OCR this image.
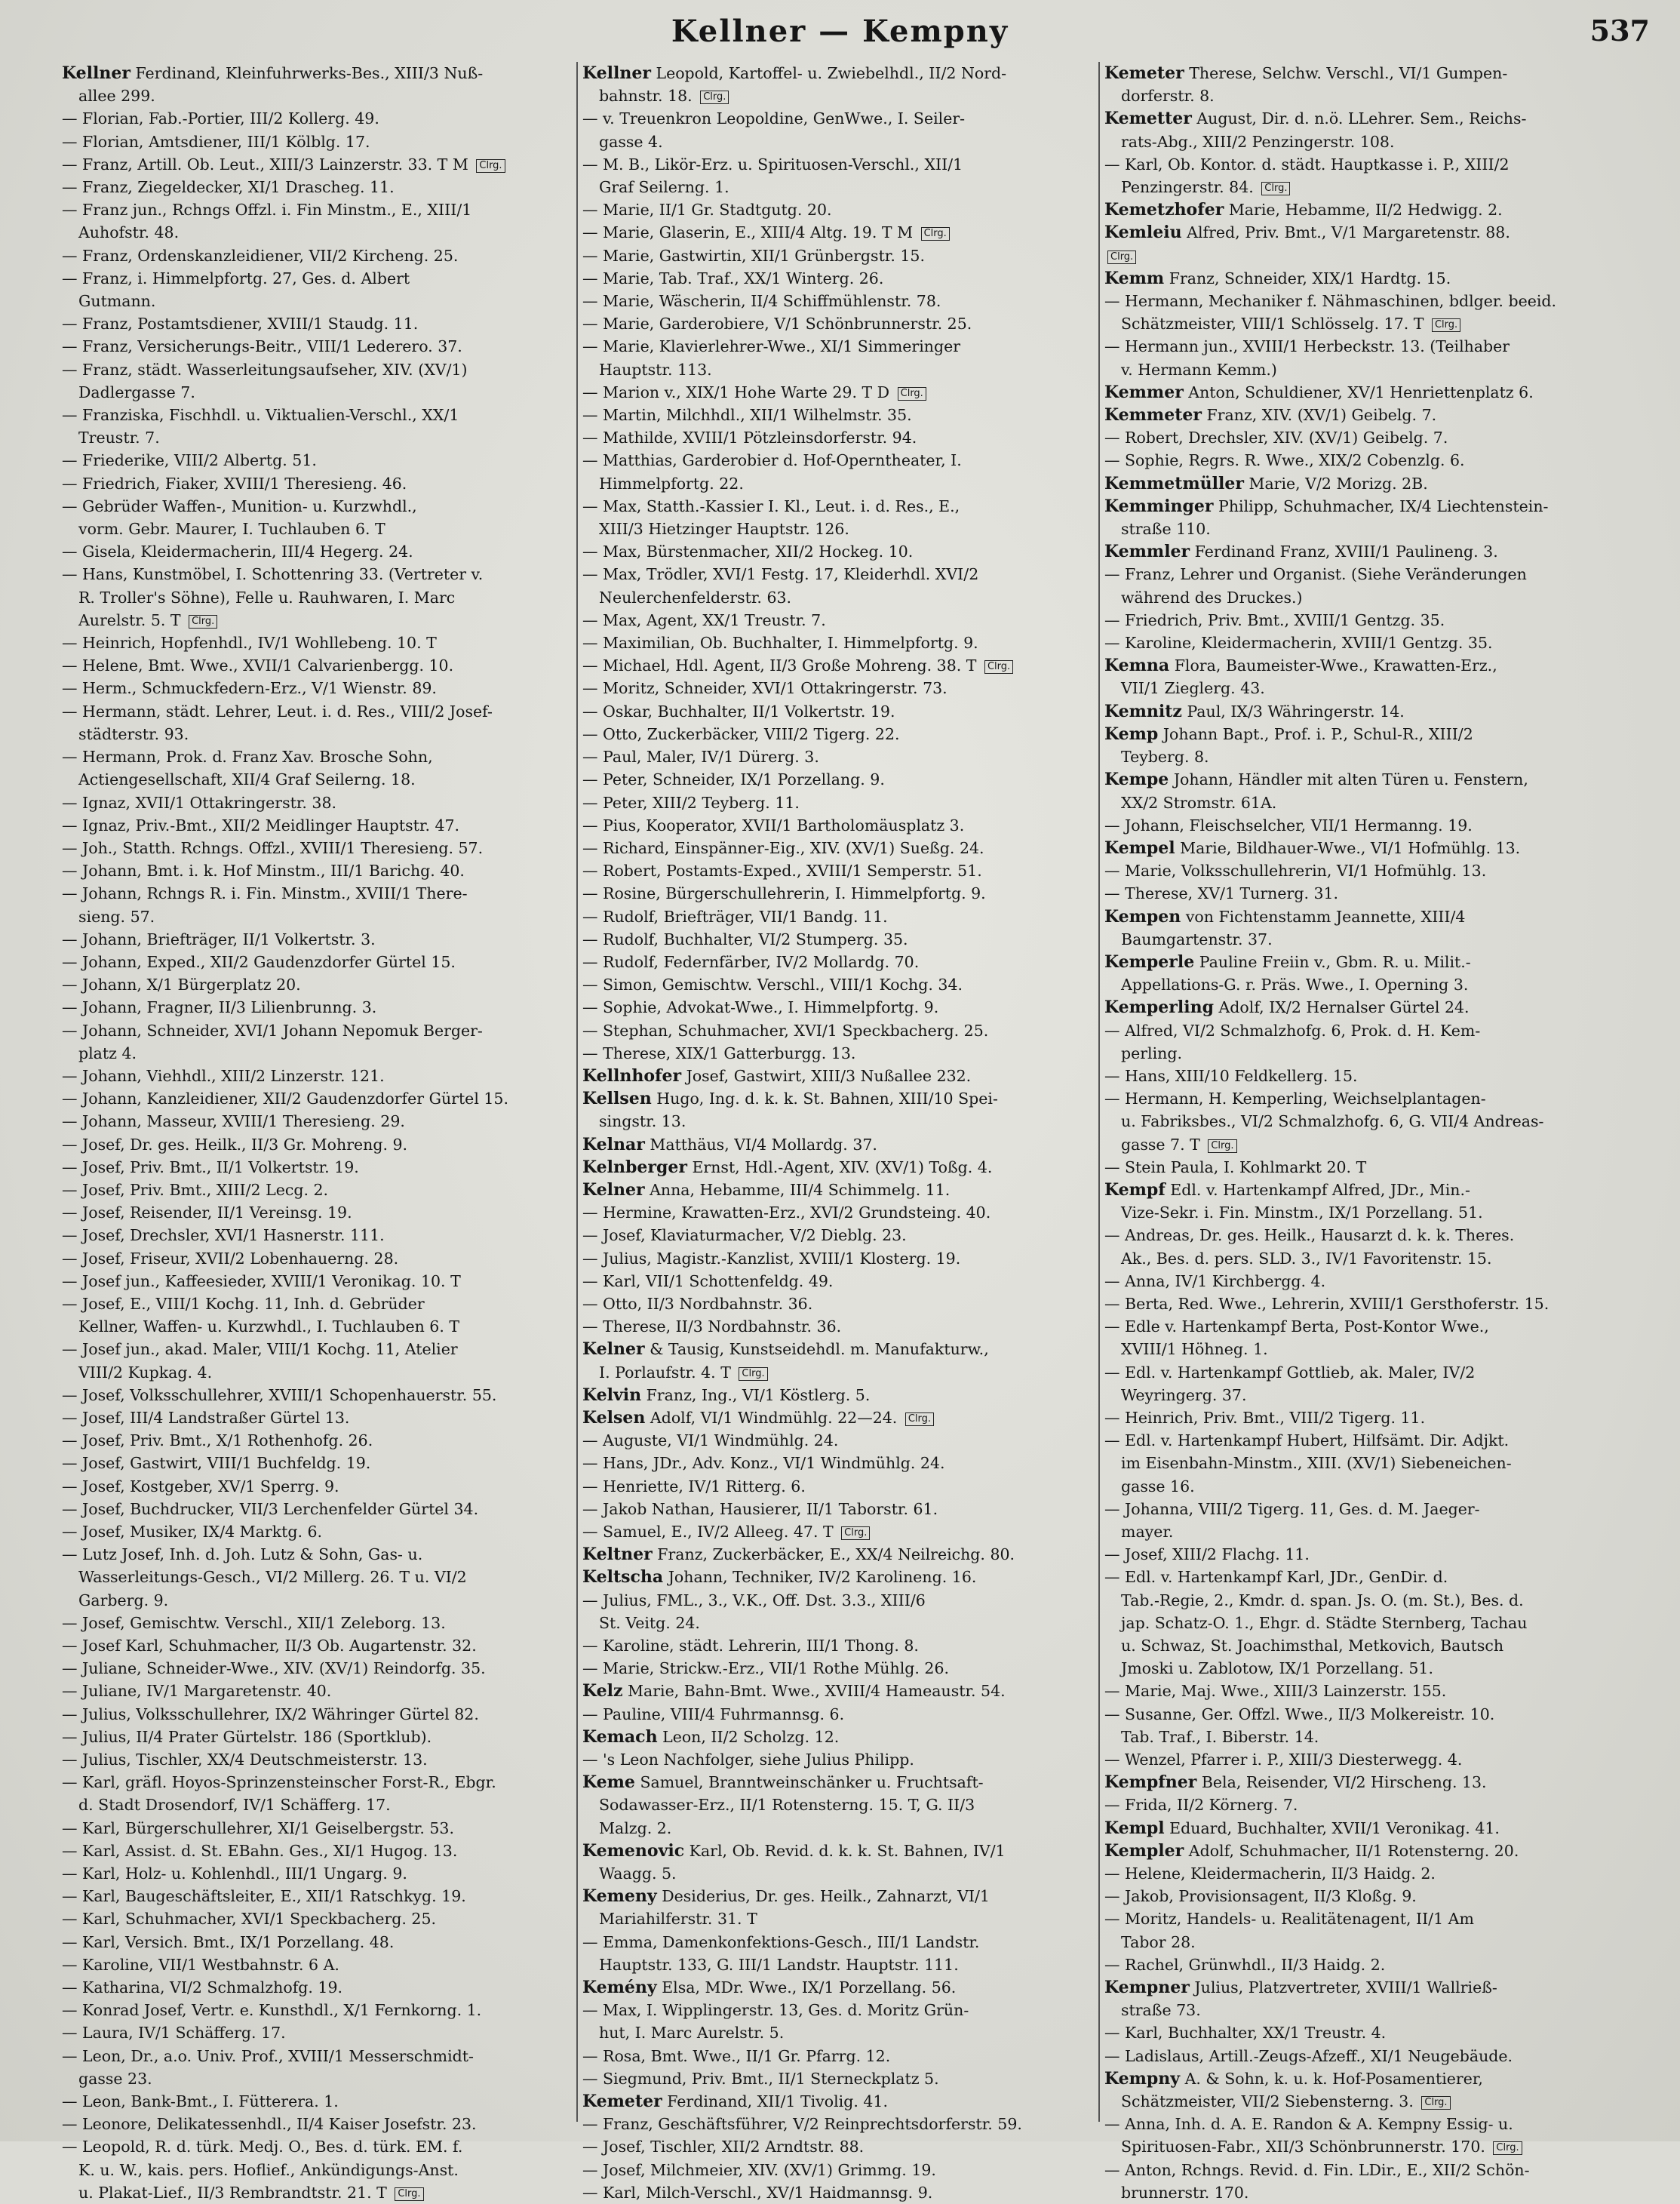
Kellner — Kempny	537
Kellner Ferdinand, Kleinfuhrwerks-Bes., XIII/3 Nuß-
allee 299.
— Florian, Fab.-Portier, III/2 Kollerg. 49.
— Florian, Amtsdiener, III/1 Kölblg. 17.
— Franz, Artill. Ob. Leut., XIII/3 Lainzerstr. 33. T M Clrg.
— Franz, Ziegeldecker, XI/1 Drascheg. 11.
— Franz jun., Rchngs Offzl. i. Fin Minstm., E., XIII/1
Auhofstr. 48.
— Franz, Ordenskanzleidiener, VII/2 Kircheng. 25.
— Franz, i. Himmelpfortg. 27, Ges. d. Albert
Gutmann.
— Franz, Postamtsdiener, XVIII/1 Staudg. 11.
— Franz, Versicherungs-Beitr., VIII/1 Lederero. 37.
— Franz, städt. Wasserleitungsaufseher, XIV. (XV/1)
Dadlergasse 7.
— Franziska, Fischhdl. u. Viktualien-Verschl., XX/1
Treustr. 7.
— Friederike, VIII/2 Albertg. 51.
— Friedrich, Fiaker, XVIII/1 Theresieng. 46.
— Gebrüder Waffen-, Munition- u. Kurzwhdl.,
vorm. Gebr. Maurer, I. Tuchlauben 6. T
— Gisela, Kleidermacherin, III/4 Hegerg. 24.
— Hans, Kunstmöbel, I. Schottenring 33. (Vertreter v.
R. Troller's Söhne), Felle u. Rauhwaren, I. Marc
Aurelstr. 5. T Clrg.
— Heinrich, Hopfenhdl., IV/1 Wohllebeng. 10. T
— Helene, Bmt. Wwe., XVII/1 Calvarienbergg. 10.
— Herm., Schmuckfedern-Erz., V/1 Wienstr. 89.
— Hermann, städt. Lehrer, Leut. i. d. Res., VIII/2 Josef-
städterstr. 93.
— Hermann, Prok. d. Franz Xav. Brosche Sohn,
Actiengesellschaft, XII/4 Graf Seilerng. 18.
— Ignaz, XVII/1 Ottakringerstr. 38.
— Ignaz, Priv.-Bmt., XII/2 Meidlinger Hauptstr. 47.
— Joh., Statth. Rchngs. Offzl., XVIII/1 Theresieng. 57.
— Johann, Bmt. i. k. Hof Minstm., III/1 Barichg. 40.
— Johann, Rchngs R. i. Fin. Minstm., XVIII/1 There-
sieng. 57.
— Johann, Briefträger, II/1 Volkertstr. 3.
— Johann, Exped., XII/2 Gaudenzdorfer Gürtel 15.
— Johann, X/1 Bürgerplatz 20.
— Johann, Fragner, II/3 Lilienbrunng. 3.
— Johann, Schneider, XVI/1 Johann Nepomuk Berger-
platz 4.
— Johann, Viehhdl., XIII/2 Linzerstr. 121.
— Johann, Kanzleidiener, XII/2 Gaudenzdorfer Gürtel 15.
— Johann, Masseur, XVIII/1 Theresieng. 29.
— Josef, Dr. ges. Heilk., II/3 Gr. Mohreng. 9.
— Josef, Priv. Bmt., II/1 Volkertstr. 19.
— Josef, Priv. Bmt., XIII/2 Lecg. 2.
— Josef, Reisender, II/1 Vereinsg. 19.
— Josef, Drechsler, XVI/1 Hasnerstr. 111.
— Josef, Friseur, XVII/2 Lobenhauerng. 28.
— Josef jun., Kaffeesieder, XVIII/1 Veronikag. 10. T
— Josef, E., VIII/1 Kochg. 11, Inh. d. Gebrüder
Kellner, Waffen- u. Kurzwhdl., I. Tuchlauben 6. T
— Josef jun., akad. Maler, VIII/1 Kochg. 11, Atelier
VIII/2 Kupkag. 4.
— Josef, Volksschullehrer, XVIII/1 Schopenhauerstr. 55.
— Josef, III/4 Landstraßer Gürtel 13.
— Josef, Priv. Bmt., X/1 Rothenhofg. 26.
— Josef, Gastwirt, VIII/1 Buchfeldg. 19.
— Josef, Kostgeber, XV/1 Sperrg. 9.
— Josef, Buchdrucker, VII/3 Lerchenfelder Gürtel 34.
— Josef, Musiker, IX/4 Marktg. 6.
— Lutz Josef, Inh. d. Joh. Lutz & Sohn, Gas- u.
Wasserleitungs-Gesch., VI/2 Millerg. 26. T u. VI/2
Garberg. 9.
— Josef, Gemischtw. Verschl., XII/1 Zeleborg. 13.
— Josef Karl, Schuhmacher, II/3 Ob. Augartenstr. 32.
— Juliane, Schneider-Wwe., XIV. (XV/1) Reindorfg. 35.
— Juliane, IV/1 Margaretenstr. 40.
— Julius, Volksschullehrer, IX/2 Währinger Gürtel 82.
— Julius, II/4 Prater Gürtelstr. 186 (Sportklub).
— Julius, Tischler, XX/4 Deutschmeisterstr. 13.
— Karl, gräfl. Hoyos-Sprinzensteinscher Forst-R., Ebgr.
d. Stadt Drosendorf, IV/1 Schäfferg. 17.
— Karl, Bürgerschullehrer, XI/1 Geiselbergstr. 53.
— Karl, Assist. d. St. EBahn. Ges., XI/1 Hugog. 13.
— Karl, Holz- u. Kohlenhdl., III/1 Ungarg. 9.
— Karl, Baugeschäftsleiter, E., XII/1 Ratschkyg. 19.
— Karl, Schuhmacher, XVI/1 Speckbacherg. 25.
— Karl, Versich. Bmt., IX/1 Porzellang. 48.
— Karoline, VII/1 Westbahnstr. 6 A.
— Katharina, VI/2 Schmalzhofg. 19.
— Konrad Josef, Vertr. e. Kunsthdl., X/1 Fernkorng. 1.
— Laura, IV/1 Schäfferg. 17.
— Leon, Dr., a.o. Univ. Prof., XVIII/1 Messerschmidt-
gasse 23.
— Leon, Bank-Bmt., I. Fütterera. 1.
— Leonore, Delikatessenhdl., II/4 Kaiser Josefstr. 23.
— Leopold, R. d. türk. Medj. O., Bes. d. türk. EM. f.
K. u. W., kais. pers. Hoflief., Ankündigungs-Anst.
u. Plakat-Lief., II/3 Rembrandtstr. 21. T Clrg.
Kellner Leopold, Kartoffel- u. Zwiebelhdl., II/2 Nord-
bahnstr. 18. Clrg.
— v. Treuenkron Leopoldine, GenWwe., I. Seiler-
gasse 4.
— M. B., Likör-Erz. u. Spirituosen-Verschl., XII/1
Graf Seilerng. 1.
— Marie, II/1 Gr. Stadtgutg. 20.
— Marie, Glaserin, E., XIII/4 Altg. 19. T M Clrg.
— Marie, Gastwirtin, XII/1 Grünbergstr. 15.
— Marie, Tab. Traf., XX/1 Winterg. 26.
— Marie, Wäscherin, II/4 Schiffmühlenstr. 78.
— Marie, Garderobiere, V/1 Schönbrunnerstr. 25.
— Marie, Klavierlehrer-Wwe., XI/1 Simmeringer
Hauptstr. 113.
— Marion v., XIX/1 Hohe Warte 29. T D Clrg.
— Martin, Milchhdl., XII/1 Wilhelmstr. 35.
— Mathilde, XVIII/1 Pötzleinsdorferstr. 94.
— Matthias, Garderobier d. Hof-Operntheater, I.
Himmelpfortg. 22.
— Max, Statth.-Kassier I. Kl., Leut. i. d. Res., E.,
XIII/3 Hietzinger Hauptstr. 126.
— Max, Bürstenmacher, XII/2 Hockeg. 10.
— Max, Trödler, XVI/1 Festg. 17, Kleiderhdl. XVI/2
Neulerchenfelderstr. 63.
— Max, Agent, XX/1 Treustr. 7.
— Maximilian, Ob. Buchhalter, I. Himmelpfortg. 9.
— Michael, Hdl. Agent, II/3 Große Mohreng. 38. T Clrg.
— Moritz, Schneider, XVI/1 Ottakringerstr. 73.
— Oskar, Buchhalter, II/1 Volkertstr. 19.
— Otto, Zuckerbäcker, VIII/2 Tigerg. 22.
— Paul, Maler, IV/1 Dürerg. 3.
— Peter, Schneider, IX/1 Porzellang. 9.
— Peter, XIII/2 Teyberg. 11.
— Pius, Kooperator, XVII/1 Bartholomäusplatz 3.
— Richard, Einspänner-Eig., XIV. (XV/1) Sueßg. 24.
— Robert, Postamts-Exped., XVIII/1 Semperstr. 51.
— Rosine, Bürgerschullehrerin, I. Himmelpfortg. 9.
— Rudolf, Briefträger, VII/1 Bandg. 11.
— Rudolf, Buchhalter, VI/2 Stumperg. 35.
— Rudolf, Federnfärber, IV/2 Mollardg. 70.
— Simon, Gemischtw. Verschl., VIII/1 Kochg. 34.
— Sophie, Advokat-Wwe., I. Himmelpfortg. 9.
— Stephan, Schuhmacher, XVI/1 Speckbacherg. 25.
— Therese, XIX/1 Gatterburgg. 13.
Kellnhofer Josef, Gastwirt, XIII/3 Nußallee 232.
Kellsen Hugo, Ing. d. k. k. St. Bahnen, XIII/10 Spei-
singstr. 13.
Kelnar Matthäus, VI/4 Mollardg. 37.
Kelnberger Ernst, Hdl.-Agent, XIV. (XV/1) Toßg. 4.
Kelner Anna, Hebamme, III/4 Schimmelg. 11.
— Hermine, Krawatten-Erz., XVI/2 Grundsteing. 40.
— Josef, Klaviaturmacher, V/2 Dieblg. 23.
— Julius, Magistr.-Kanzlist, XVIII/1 Klosterg. 19.
— Karl, VII/1 Schottenfeldg. 49.
— Otto, II/3 Nordbahnstr. 36.
— Therese, II/3 Nordbahnstr. 36.
Kelner & Tausig, Kunstseidehdl. m. Manufakturw.,
I. Porlaufstr. 4. T Clrg.
Kelvin Franz, Ing., VI/1 Köstlerg. 5.
Kelsen Adolf, VI/1 Windmühlg. 22—24. Clrg.
— Auguste, VI/1 Windmühlg. 24.
— Hans, JDr., Adv. Konz., VI/1 Windmühlg. 24.
— Henriette, IV/1 Ritterg. 6.
— Jakob Nathan, Hausierer, II/1 Taborstr. 61.
— Samuel, E., IV/2 Alleeg. 47. T Clrg.
Keltner Franz, Zuckerbäcker, E., XX/4 Neilreichg. 80.
Keltscha Johann, Techniker, IV/2 Karolineng. 16.
— Julius, FML., 3., V.K., Off. Dst. 3.3., XIII/6
St. Veitg. 24.
— Karoline, städt. Lehrerin, III/1 Thong. 8.
— Marie, Strickw.-Erz., VII/1 Rothe Mühlg. 26.
Kelz Marie, Bahn-Bmt. Wwe., XVIII/4 Hameaustr. 54.
— Pauline, VIII/4 Fuhrmannsg. 6.
Kemach Leon, II/2 Scholzg. 12.
— 's Leon Nachfolger, siehe Julius Philipp.
Keme Samuel, Branntweinschänker u. Fruchtsaft-
Sodawasser-Erz., II/1 Rotensterng. 15. T, G. II/3
Malzg. 2.
Kemenovic Karl, Ob. Revid. d. k. k. St. Bahnen, IV/1
Waagg. 5.
Kemeny Desiderius, Dr. ges. Heilk., Zahnarzt, VI/1
Mariahilferstr. 31. T
— Emma, Damenkonfektions-Gesch., III/1 Landstr.
Hauptstr. 133, G. III/1 Landstr. Hauptstr. 111.
Kemény Elsa, MDr. Wwe., IX/1 Porzellang. 56.
— Max, I. Wipplingerstr. 13, Ges. d. Moritz Grün-
hut, I. Marc Aurelstr. 5.
— Rosa, Bmt. Wwe., II/1 Gr. Pfarrg. 12.
— Siegmund, Priv. Bmt., II/1 Sterneckplatz 5.
Kemeter Ferdinand, XII/1 Tivolig. 41.
— Franz, Geschäftsführer, V/2 Reinprechtsdorferstr. 59.
— Josef, Tischler, XII/2 Arndtstr. 88.
— Josef, Milchmeier, XIV. (XV/1) Grimmg. 19.
— Karl, Milch-Verschl., XV/1 Haidmannsg. 9.
Kemeter Therese, Selchw. Verschl., VI/1 Gumpen-
dorferstr. 8.
Kemetter August, Dir. d. n.ö. LLehrer. Sem., Reichs-
rats-Abg., XIII/2 Penzingerstr. 108.
— Karl, Ob. Kontor. d. städt. Hauptkasse i. P., XIII/2
Penzingerstr. 84. Clrg.
Kemetzhofer Marie, Hebamme, II/2 Hedwigg. 2.
Kemleiu Alfred, Priv. Bmt., V/1 Margaretenstr. 88.
Clrg.
Kemm Franz, Schneider, XIX/1 Hardtg. 15.
— Hermann, Mechaniker f. Nähmaschinen, bdlger. beeid.
Schätzmeister, VIII/1 Schlösselg. 17. T Clrg.
— Hermann jun., XVIII/1 Herbeckstr. 13. (Teilhaber
v. Hermann Kemm.)
Kemmer Anton, Schuldiener, XV/1 Henriettenplatz 6.
Kemmeter Franz, XIV. (XV/1) Geibelg. 7.
— Robert, Drechsler, XIV. (XV/1) Geibelg. 7.
— Sophie, Regrs. R. Wwe., XIX/2 Cobenzlg. 6.
Kemmetmüller Marie, V/2 Morizg. 2B.
Kemminger Philipp, Schuhmacher, IX/4 Liechtenstein-
straße 110.
Kemmler Ferdinand Franz, XVIII/1 Paulineng. 3.
— Franz, Lehrer und Organist. (Siehe Veränderungen
während des Druckes.)
— Friedrich, Priv. Bmt., XVIII/1 Gentzg. 35.
— Karoline, Kleidermacherin, XVIII/1 Gentzg. 35.
Kemna Flora, Baumeister-Wwe., Krawatten-Erz.,
VII/1 Zieglerg. 43.
Kemnitz Paul, IX/3 Währingerstr. 14.
Kemp Johann Bapt., Prof. i. P., Schul-R., XIII/2
Teyberg. 8.
Kempe Johann, Händler mit alten Türen u. Fenstern,
XX/2 Stromstr. 61A.
— Johann, Fleischselcher, VII/1 Hermanng. 19.
Kempel Marie, Bildhauer-Wwe., VI/1 Hofmühlg. 13.
— Marie, Volksschullehrerin, VI/1 Hofmühlg. 13.
— Therese, XV/1 Turnerg. 31.
Kempen von Fichtenstamm Jeannette, XIII/4
Baumgartenstr. 37.
Kemperle Pauline Freiin v., Gbm. R. u. Milit.-
Appellations-G. r. Präs. Wwe., I. Operning 3.
Kemperling Adolf, IX/2 Hernalser Gürtel 24.
— Alfred, VI/2 Schmalzhofg. 6, Prok. d. H. Kem-
perling.
— Hans, XIII/10 Feldkellerg. 15.
— Hermann, H. Kemperling, Weichselplantagen-
u. Fabriksbes., VI/2 Schmalzhofg. 6, G. VII/4 Andreas-
gasse 7. T Clrg.
— Stein Paula, I. Kohlmarkt 20. T
Kempf Edl. v. Hartenkampf Alfred, JDr., Min.-
Vize-Sekr. i. Fin. Minstm., IX/1 Porzellang. 51.
— Andreas, Dr. ges. Heilk., Hausarzt d. k. k. Theres.
Ak., Bes. d. pers. SLD. 3., IV/1 Favoritenstr. 15.
— Anna, IV/1 Kirchbergg. 4.
— Berta, Red. Wwe., Lehrerin, XVIII/1 Gersthoferstr. 15.
— Edle v. Hartenkampf Berta, Post-Kontor Wwe.,
XVIII/1 Höhneg. 1.
— Edl. v. Hartenkampf Gottlieb, ak. Maler, IV/2
Weyringerg. 37.
— Heinrich, Priv. Bmt., VIII/2 Tigerg. 11.
— Edl. v. Hartenkampf Hubert, Hilfsämt. Dir. Adjkt.
im Eisenbahn-Minstm., XIII. (XV/1) Siebeneichen-
gasse 16.
— Johanna, VIII/2 Tigerg. 11, Ges. d. M. Jaeger-
mayer.
— Josef, XIII/2 Flachg. 11.
— Edl. v. Hartenkampf Karl, JDr., GenDir. d.
Tab.-Regie, 2., Kmdr. d. span. Js. O. (m. St.), Bes. d.
jap. Schatz-O. 1., Ehgr. d. Städte Sternberg, Tachau
u. Schwaz, St. Joachimsthal, Metkovich, Bautsch
Jmoski u. Zablotow, IX/1 Porzellang. 51.
— Marie, Maj. Wwe., XIII/3 Lainzerstr. 155.
— Susanne, Ger. Offzl. Wwe., II/3 Molkereistr. 10.
Tab. Traf., I. Biberstr. 14.
— Wenzel, Pfarrer i. P., XIII/3 Diesterwegg. 4.
Kempfner Bela, Reisender, VI/2 Hirscheng. 13.
— Frida, II/2 Körnerg. 7.
Kempl Eduard, Buchhalter, XVII/1 Veronikag. 41.
Kempler Adolf, Schuhmacher, II/1 Rotensterng. 20.
— Helene, Kleidermacherin, II/3 Haidg. 2.
— Jakob, Provisionsagent, II/3 Kloßg. 9.
— Moritz, Handels- u. Realitätenagent, II/1 Am
Tabor 28.
— Rachel, Grünwhdl., II/3 Haidg. 2.
Kempner Julius, Platzvertreter, XVIII/1 Wallrieß-
straße 73.
— Karl, Buchhalter, XX/1 Treustr. 4.
— Ladislaus, Artill.-Zeugs-Afzeff., XI/1 Neugebäude.
Kempny A. & Sohn, k. u. k. Hof-Posamentierer,
Schätzmeister, VII/2 Siebensterng. 3. Clrg.
— Anna, Inh. d. A. E. Randon & A. Kempny Essig- u.
Spirituosen-Fabr., XII/3 Schönbrunnerstr. 170. Clrg.
— Anton, Rchngs. Revid. d. Fin. LDir., E., XII/2 Schön-
brunnerstr. 170.
